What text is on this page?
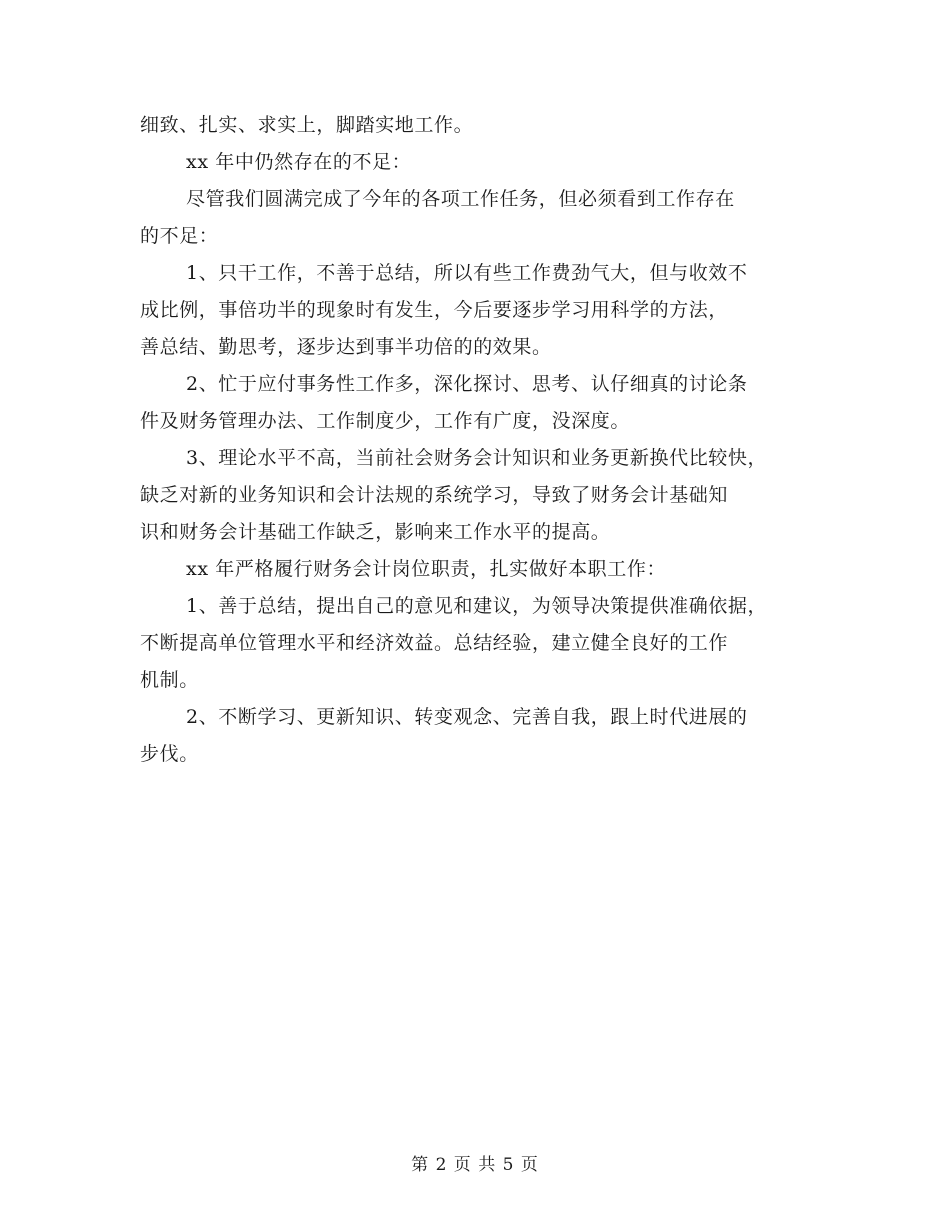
细致、扎实、求实上，脚踏实地工作。
xx 年中仍然存在的不足：
尽管我们圆满完成了今年的各项工作任务，但必须看到工作存在
的不足：
1、只干工作，不善于总结，所以有些工作费劲气大，但与收效不
成比例，事倍功半的现象时有发生，今后要逐步学习用科学的方法，
善总结、勤思考，逐步达到事半功倍的的效果。
2、忙于应付事务性工作多，深化探讨、思考、认仔细真的讨论条
件及财务管理办法、工作制度少，工作有广度，没深度。
3、理论水平不高，当前社会财务会计知识和业务更新换代比较快，
缺乏对新的业务知识和会计法规的系统学习，导致了财务会计基础知
识和财务会计基础工作缺乏，影响来工作水平的提高。
xx 年严格履行财务会计岗位职责，扎实做好本职工作：
1、善于总结，提出自己的意见和建议，为领导决策提供准确依据，
不断提高单位管理水平和经济效益。总结经验，建立健全良好的工作
机制。
2、不断学习、更新知识、转变观念、完善自我，跟上时代进展的
步伐。
第 2 页 共 5 页
